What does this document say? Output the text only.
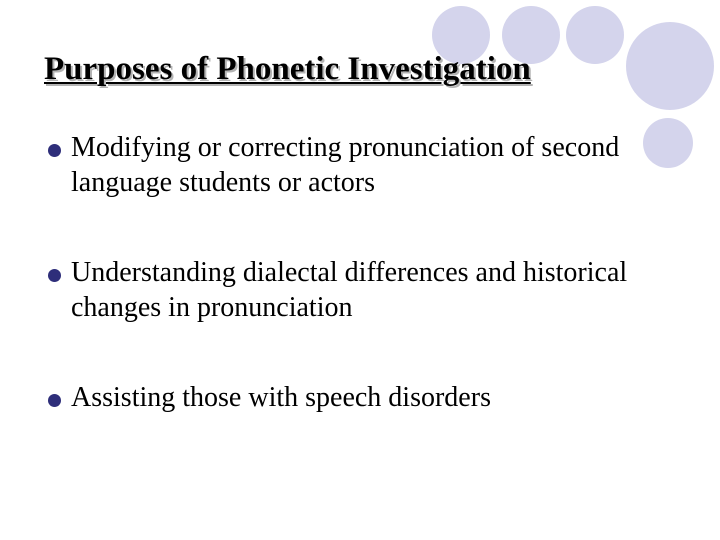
Purposes of Phonetic Investigation
Modifying or correcting pronunciation of second language students or actors
Understanding dialectal differences and historical changes in pronunciation
Assisting those with speech disorders
